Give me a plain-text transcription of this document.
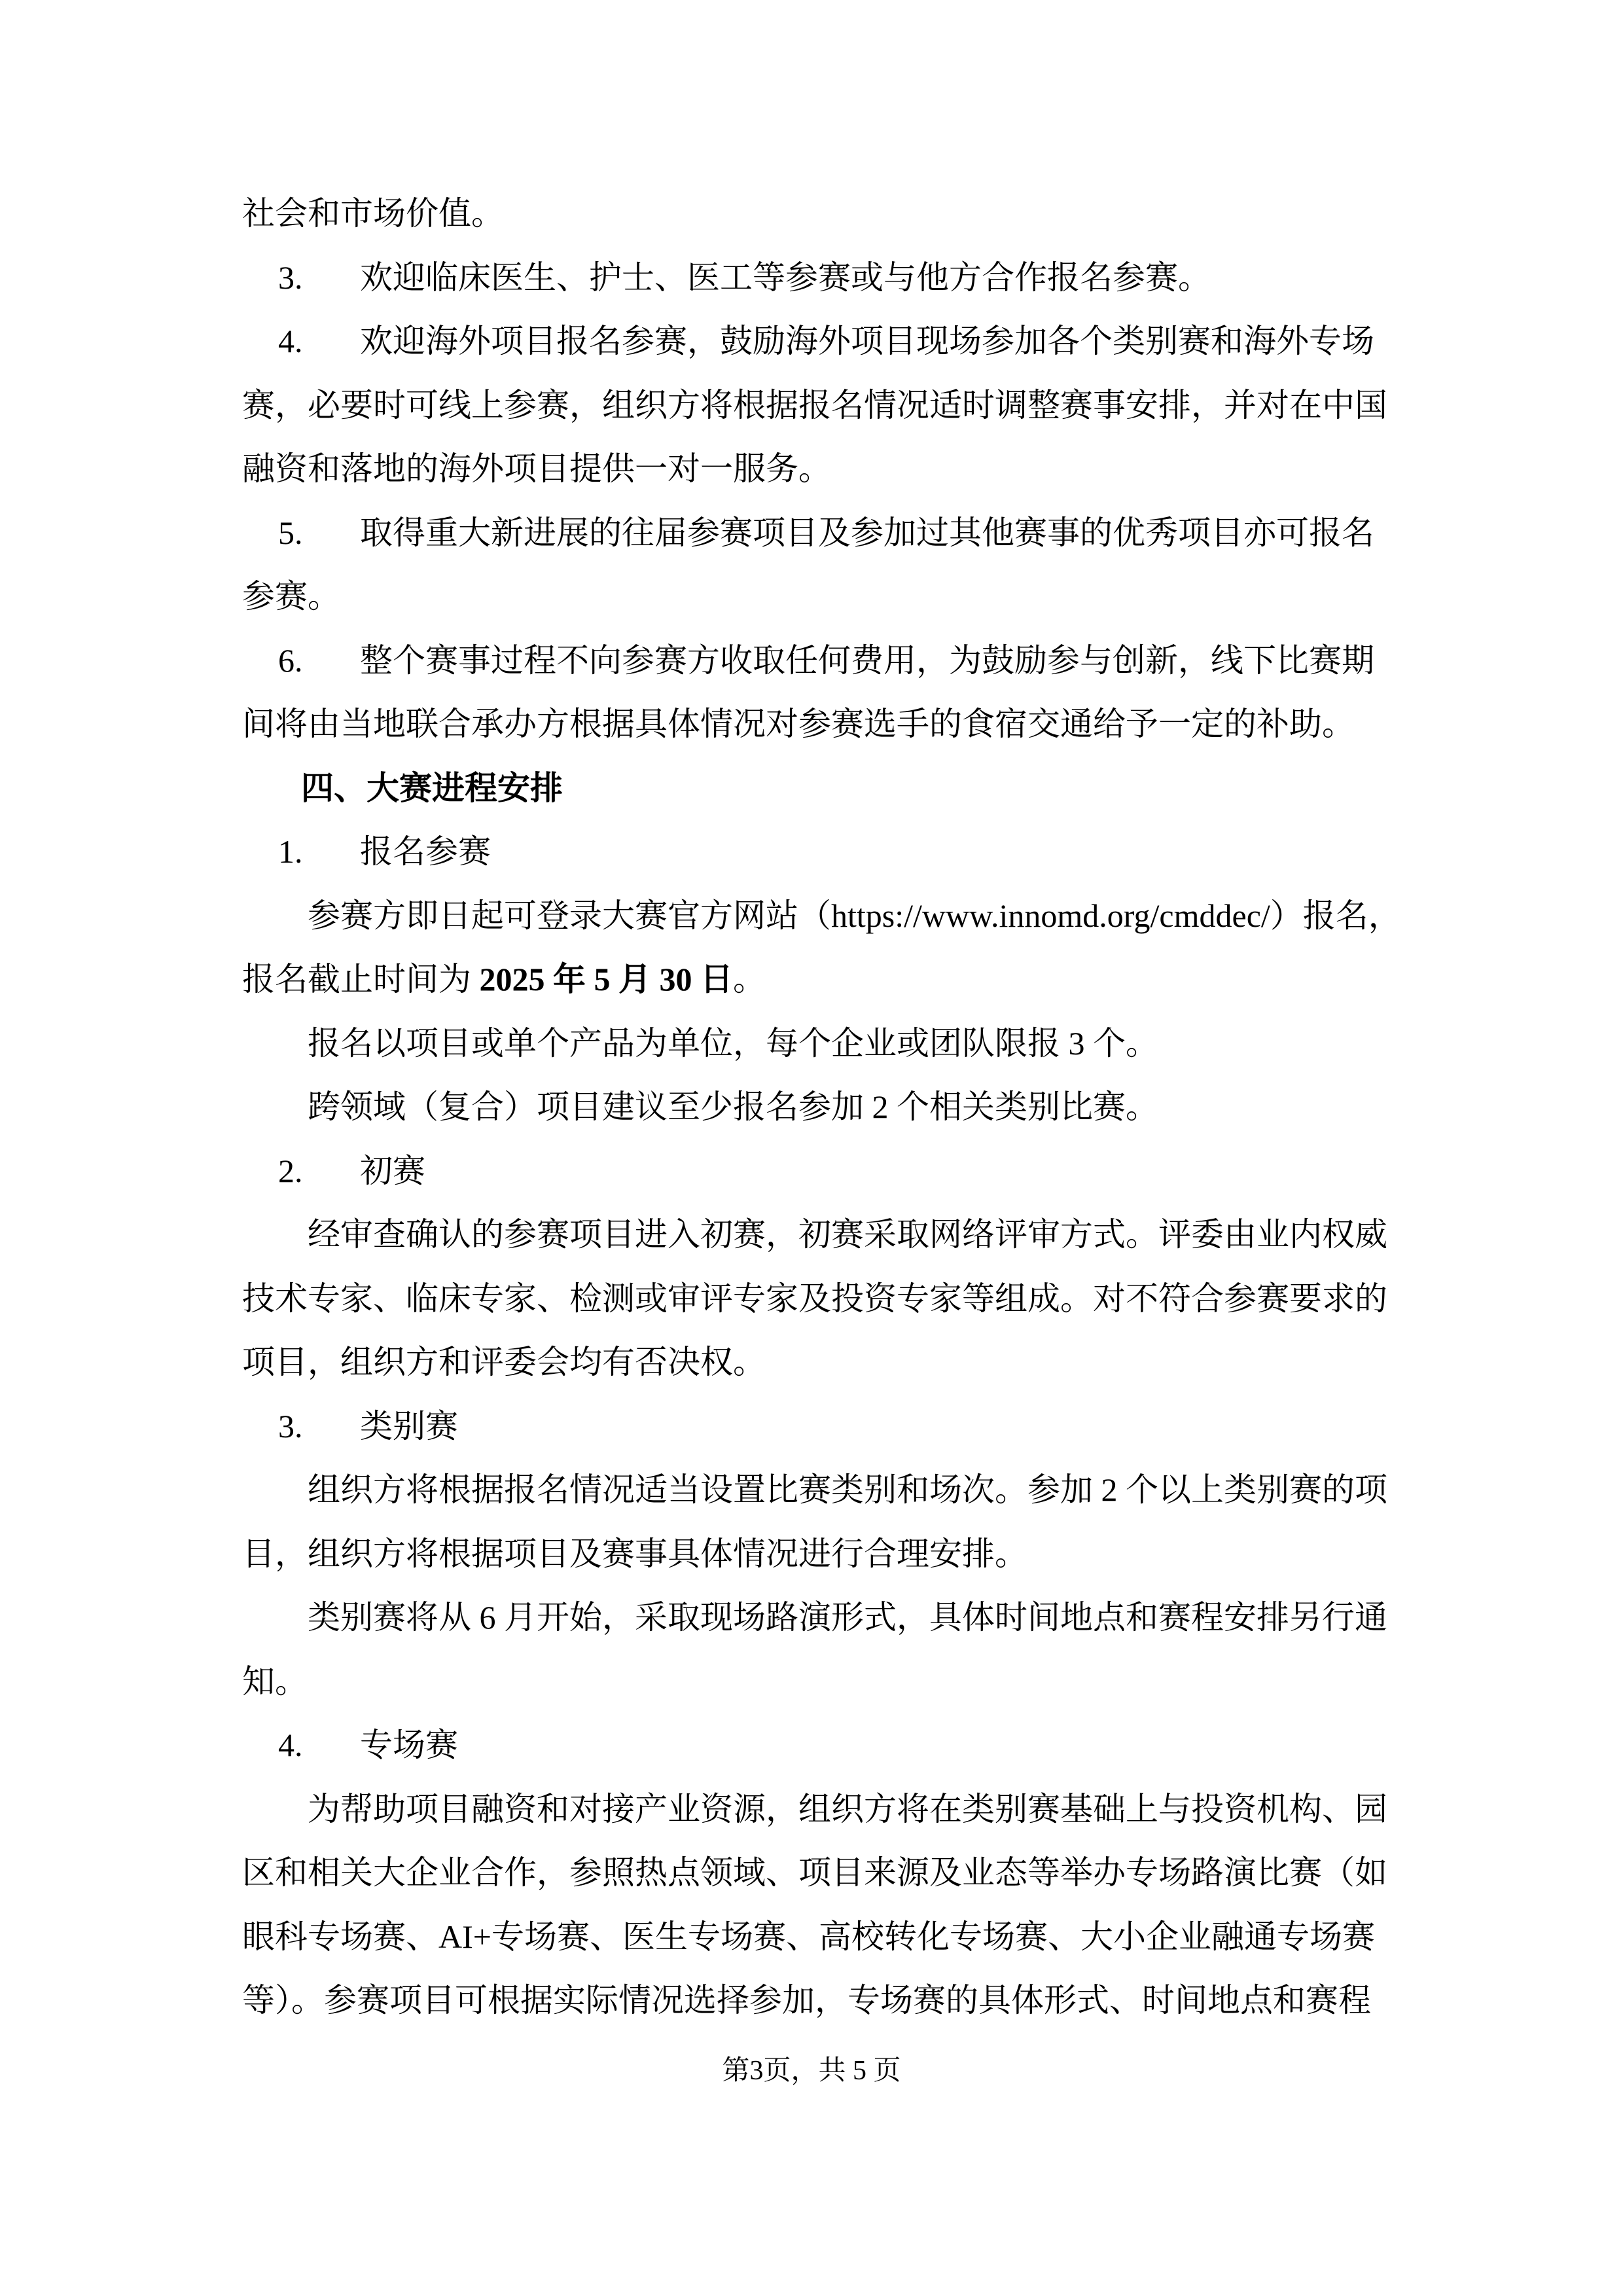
社会和市场价值。
3. 欢迎临床医生、护士、医工等参赛或与他方合作报名参赛。
4. 欢迎海外项目报名参赛，鼓励海外项目现场参加各个类别赛和海外专场
赛，必要时可线上参赛，组织方将根据报名情况适时调整赛事安排，并对在中国
融资和落地的海外项目提供一对一服务。
5. 取得重大新进展的往届参赛项目及参加过其他赛事的优秀项目亦可报名
参赛。
6. 整个赛事过程不向参赛方收取任何费用，为鼓励参与创新，线下比赛期
间将由当地联合承办方根据具体情况对参赛选手的食宿交通给予一定的补助。
四、大赛进程安排
1. 报名参赛
参赛方即日起可登录大赛官方网站（https://www.innomd.org/cmddec/）报名，
报名截止时间为 2025 年 5 月 30 日。
报名以项目或单个产品为单位，每个企业或团队限报 3 个。
跨领域（复合）项目建议至少报名参加 2 个相关类别比赛。
2. 初赛
经审查确认的参赛项目进入初赛，初赛采取网络评审方式。评委由业内权威
技术专家、临床专家、检测或审评专家及投资专家等组成。对不符合参赛要求的
项目，组织方和评委会均有否决权。
3. 类别赛
组织方将根据报名情况适当设置比赛类别和场次。参加 2 个以上类别赛的项
目，组织方将根据项目及赛事具体情况进行合理安排。
类别赛将从 6 月开始，采取现场路演形式，具体时间地点和赛程安排另行通
知。
4. 专场赛
为帮助项目融资和对接产业资源，组织方将在类别赛基础上与投资机构、园
区和相关大企业合作，参照热点领域、项目来源及业态等举办专场路演比赛（如
眼科专场赛、AI+专场赛、医生专场赛、高校转化专场赛、大小企业融通专场赛
等）。参赛项目可根据实际情况选择参加，专场赛的具体形式、时间地点和赛程
第3页，共 5 页
